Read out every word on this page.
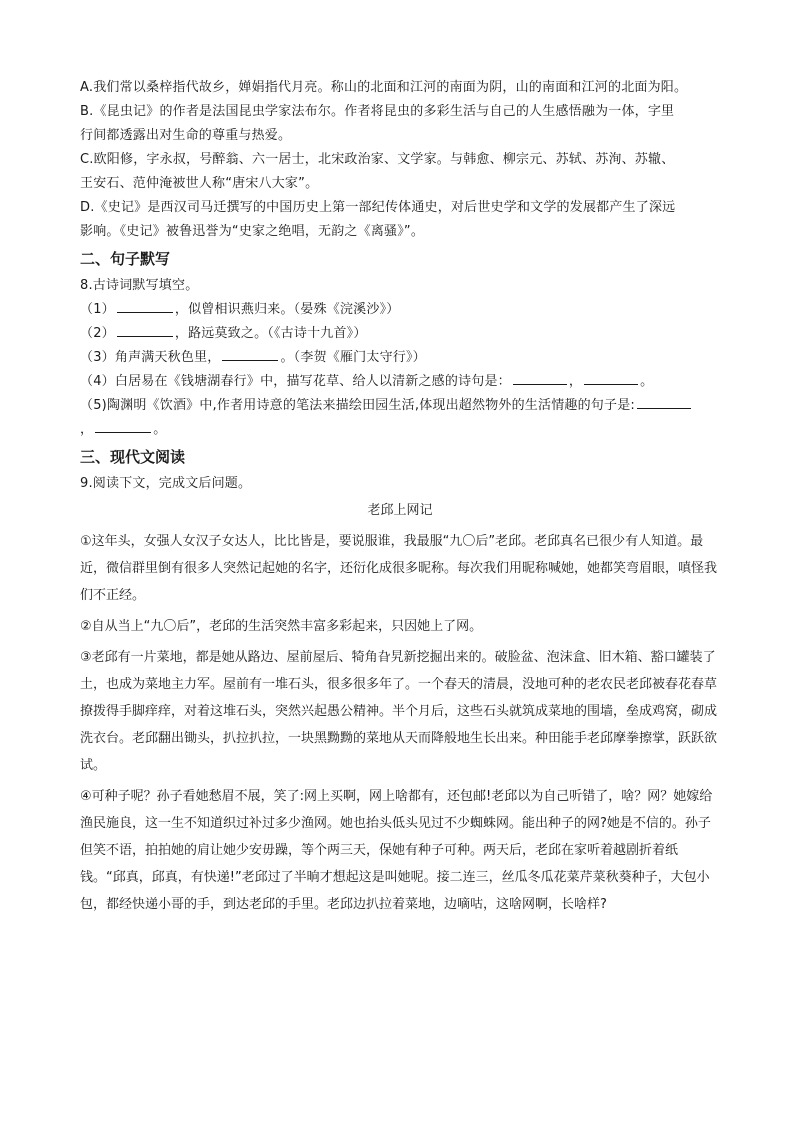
A.我们常以桑梓指代故乡，婵娟指代月亮。称山的北面和江河的南面为阴，山的南面和江河的北面为阳。
B.《昆虫记》的作者是法国昆虫学家法布尔。作者将昆虫的多彩生活与自己的人生感悟融为一体，字里
行间都透露出对生命的尊重与热爱。
C.欧阳修，字永叔，号醉翁、六一居士，北宋政治家、文学家。与韩愈、柳宗元、苏轼、苏洵、苏辙、
王安石、范仲淹被世人称“唐宋八大家”。
D.《史记》是西汉司马迁撰写的中国历史上第一部纪传体通史，对后世史学和文学的发展都产生了深远
影响。《史记》被鲁迅誉为“史家之绝唱，无韵之《离骚》”。
二、句子默写
8.古诗词默写填空。
（1）	，似曾相识燕归来。（晏殊《浣溪沙》）
（2）	，路远莫致之。（《古诗十九首》）
（3）角声满天秋色里，	。（李贺《雁门太守行》）
（4）白居易在《钱塘湖春行》中，描写花草、给人以清新之感的诗句是：	，	。
（5)陶渊明《饮酒》中,作者用诗意的笔法来描绘田园生活,体现出超然物外的生活情趣的句子是:
，	。
三、现代文阅读
9.阅读下文，完成文后问题。
老邱上网记
①这年头，女强人女汉子女达人，比比皆是，要说服谁，我最服“九〇后”老邱。老邱真名已很少有人知道。最近，微信群里倒有很多人突然记起她的名字，还衍化成很多昵称。每次我们用昵称喊她，她都笑弯眉眼，嗔怪我们不正经。
②自从当上“九〇后”，老邱的生活突然丰富多彩起来，只因她上了网。
③老邱有一片菜地，都是她从路边、屋前屋后、犄角旮旯新挖掘出来的。破脸盆、泡沫盒、旧木箱、豁口罐装了土，也成为菜地主力军。屋前有一堆石头，很多很多年了。一个春天的清晨，没地可种的老农民老邱被春花春草撩拨得手脚痒痒，对着这堆石头，突然兴起愚公精神。半个月后，这些石头就筑成菜地的围墙，垒成鸡窝，砌成洗衣台。老邱翻出锄头，扒拉扒拉，一块黑黝黝的菜地从天而降般地生长出来。种田能手老邱摩拳擦掌，跃跃欲试。
④可种子呢？孙子看她愁眉不展，笑了:网上买啊，网上啥都有，还包邮!老邱以为自己听错了，啥？网？她嫁给渔民施良，这一生不知道织过补过多少渔网。她也抬头低头见过不少蜘蛛网。能出种子的网?她是不信的。孙子但笑不语，拍拍她的肩让她少安毋躁，等个两三天，保她有种子可种。两天后，老邱在家听着越剧折着纸钱。“邱真，邱真，有快递!”老邱过了半晌才想起这是叫她呢。接二连三，丝瓜冬瓜花菜芹菜秋葵种子，大包小包，都经快递小哥的手，到达老邱的手里。老邱边扒拉着菜地，边嘀咕，这啥网啊，长啥样?
